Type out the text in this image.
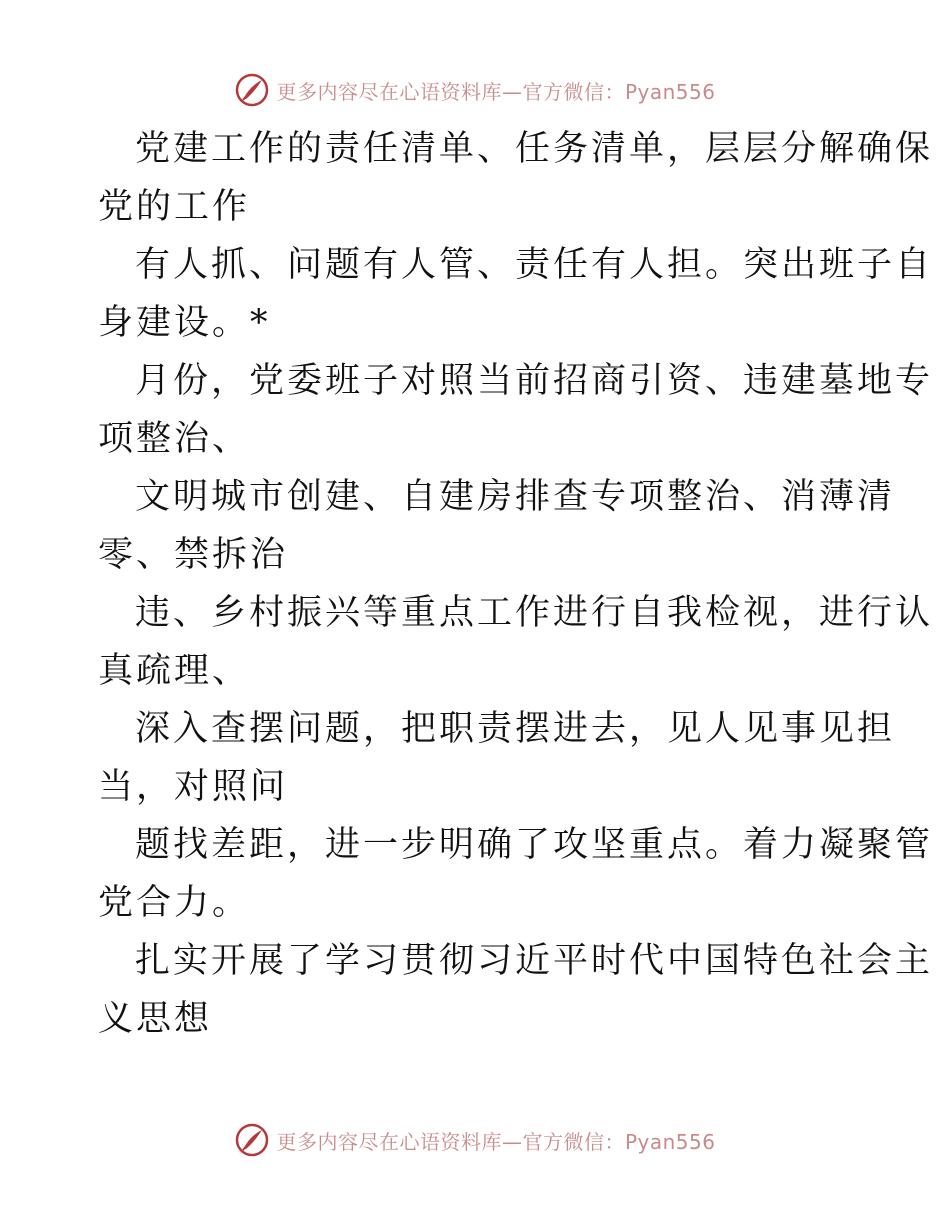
更多内容尽在心语资料库—官方微信：Pyan556
党建工作的责任清单、任务清单，层层分解确保
党的工作
有人抓、问题有人管、责任有人担。突出班子自
身建设。*
月份，党委班子对照当前招商引资、违建墓地专
项整治、
文明城市创建、自建房排查专项整治、消薄清
零、禁拆治
违、乡村振兴等重点工作进行自我检视，进行认
真疏理、
深入查摆问题，把职责摆进去，见人见事见担
当，对照问
题找差距，进一步明确了攻坚重点。着力凝聚管
党合力。
扎实开展了学习贯彻习近平时代中国特色社会主
义思想
更多内容尽在心语资料库—官方微信：Pyan556
